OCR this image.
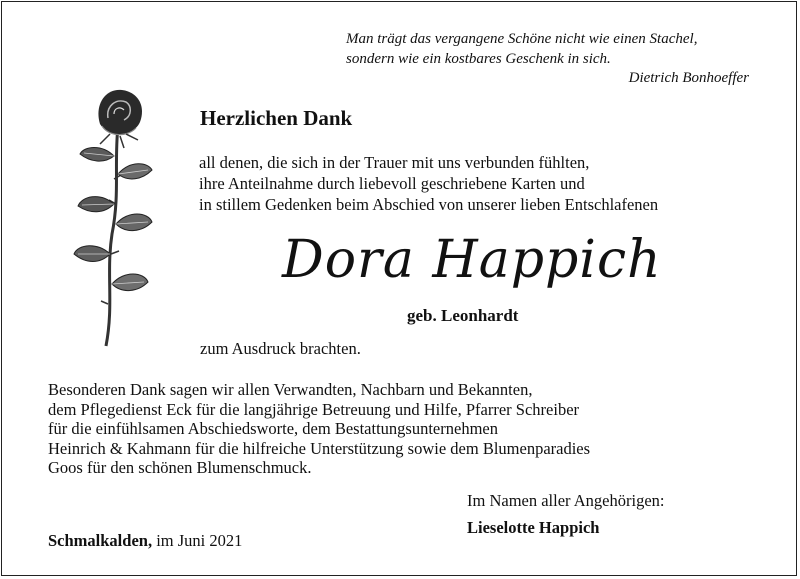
Man trägt das vergangene Schöne nicht wie einen Stachel,
sondern wie ein kostbares Geschenk in sich.
Dietrich Bonhoeffer
Herzlichen Dank
all denen, die sich in der Trauer mit uns verbunden fühlten,
ihre Anteilnahme durch liebevoll geschriebene Karten und
in stillem Gedenken beim Abschied von unserer lieben Entschlafenen
Dora Happich
geb. Leonhardt
zum Ausdruck brachten.
Besonderen Dank sagen wir allen Verwandten, Nachbarn und Bekannten,
dem Pflegedienst Eck für die langjährige Betreuung und Hilfe, Pfarrer Schreiber
für die einfühlsamen Abschiedsworte, dem Bestattungsunternehmen
Heinrich & Kahmann für die hilfreiche Unterstützung sowie dem Blumenparadies
Goos für den schönen Blumenschmuck.
Im Namen aller Angehörigen:
Lieselotte Happich
Schmalkalden, im Juni 2021
